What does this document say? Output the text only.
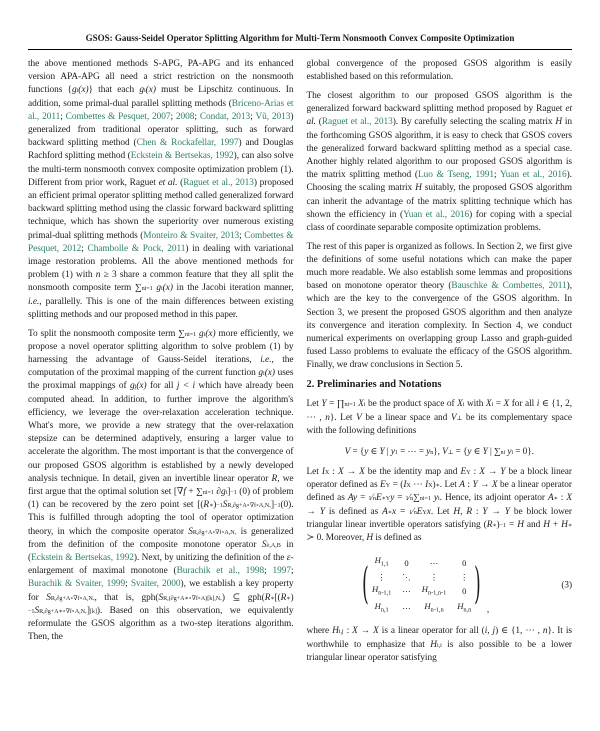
GSOS: Gauss-Seidel Operator Splitting Algorithm for Multi-Term Nonsmooth Convex Composite Optimization

the above mentioned methods S-APG, PA-APG and its enhanced version APA-APG all need a strict restriction on the nonsmooth functions {gi(x)} that each gi(x) must be Lipschitz continuous. In addition, some primal-dual parallel splitting methods (Briceno-Arias et al., 2011; Combettes & Pesquet, 2007; 2008; Condat, 2013; Vũ, 2013) generalized from traditional operator splitting, such as forward backward splitting method (Chen & Rockafellar, 1997) and Douglas Rachford splitting method (Eckstein & Bertsekas, 1992), can also solve the multi-term nonsmooth convex composite optimization problem (1). Different from prior work, Raguet et al. (Raguet et al., 2013) proposed an efficient primal operator splitting method called generalized forward backward splitting method using the classic forward backward splitting technique, which has shown the superiority over numerous existing primal-dual splitting methods (Monteiro & Svaiter, 2013; Combettes & Pesquet, 2012; Chambolle & Pock, 2011) in dealing with variational image restoration problems. All the above mentioned methods for problem (1) with n ≥ 3 share a common feature that they all split the nonsmooth composite term ∑$^n$i=1 gi(x) in the Jacobi iteration manner, i.e., parallelly. This is one of the main differences between existing splitting methods and our proposed method in this paper.

To split the nonsmooth composite term ∑$^n$i=1 gi(x) more efficiently, we propose a novel operator splitting algorithm to solve problem (1) by harnessing the advantage of Gauss-Seidel iterations, i.e., the computation of the proximal mapping of the current function gi(x) uses the proximal mappings of gj(x) for all j < i which have already been computed ahead. In addition, to further improve the algorithm's efficiency, we leverage the over-relaxation acceleration technique. What's more, we provide a new strategy that the over-relaxation stepsize can be determined adaptively, ensuring a larger value to accelerate the algorithm. The most important is that the convergence of our proposed GSOS algorithm is established by a newly developed analysis technique. In detail, given an invertible linear operator R, we first argue that the optimal solution set [∇f + ∑$^n$i=1 ∂gi]$^{-1}$ (0) of problem (1) can be recovered by the zero point set $[(R^∗)^{-1}SR,\partial g+A\circ\nabla f\circ A,Nᵥ]^{-1}(0)$. This is fulfilled through adopting the tool of operator optimization theory, in which the composite operator SR,∂g+A∘∇f∘A,Nᵥ is generalized from the definition of the composite monotone operator Sλ,A,B in (Eckstein & Bertsekas, 1992). Next, by unitizing the definition of the ε-enlargement of maximal monotone (Burachik et al., 1998; 1997; Burachik & Svaiter, 1999; Svaiter, 2000), we establish a key property for SR,∂g+A∘∇f∘A,Nᵥ, that is, gph(SR,(∂g+A∗∘∇f∘A)[k],Nᵥ) ⊆ $gph(R^∗[(R^∗)^{-1}SR,\partial g+A∗\circ\nabla f\circ A,Nᵥ][k])$. Based on this observation, we equivalently reformulate the GSOS algorithm as a two-step iterations algorithm. Then, the

global convergence of the proposed GSOS algorithm is easily established based on this reformulation.

The closest algorithm to our proposed GSOS algorithm is the generalized forward backward splitting method proposed by Raguet et al. (Raguet et al., 2013). By carefully selecting the scaling matrix H in the forthcoming GSOS algorithm, it is easy to check that GSOS covers the generalized forward backward splitting method as a special case. Another highly related algorithm to our proposed GSOS algorithm is the matrix splitting method (Luo & Tseng, 1991; Yuan et al., 2016). Choosing the scaling matrix H suitably, the proposed GSOS algorithm can inherit the advantage of the matrix splitting technique which has shown the efficiency in (Yuan et al., 2016) for coping with a special class of coordinate separable composite optimization problems.

The rest of this paper is organized as follows. In Section 2, we first give the definitions of some useful notations which can make the paper much more readable. We also establish some lemmas and propositions based on monotone operator theory (Bauschke & Combettes, 2011), which are the key to the convergence of the GSOS algorithm. In Section 3, we present the proposed GSOS algorithm and then analyze its convergence and iteration complexity. In Section 4, we conduct numerical experiments on overlapping group Lasso and graph-guided fused Lasso problems to evaluate the efficacy of the GSOS algorithm. Finally, we draw conclusions in Section 5.

2. Preliminaries and Notations

Let Y = ∏$^n$i=1 Xi be the product space of Xi with Xi = X for all i ∈ {1, 2, ⋯ , n}. Let V be a linear space and V⊥ be its complementary space with the following definitions

V = {y ∈ Y | y1 = ⋯ = yn}, V⊥ = {y ∈ Y | ∑$^n$i yi = 0}.

Let IX : X → X be the identity map and EY : X → Y be a block linear operator defined as EY = (IX ⋯ IX)∗. Let A : Y → X be a linear operator defined as Ay = $^1$⁄nE∗Yy = $^1$⁄n∑$^n$i=1 yi. Hence, its adjoint operator A∗ : X → Y is defined as A∗x = $^1$⁄nEYx. Let H, R : Y → Y be block lower triangular linear invertible operators satisfying $(R^∗)^{-1} = H$ and H + H∗ ≻ 0. Moreover, H is defined as

( $H_{1,1}$ 0 ⋯	0
⋮ ⋱ ⋮	⋮
$H_{n-1,1}$ ⋯ $H_{n-1,n-1}$ 0
$H_{n,1}$ ⋯ $H_{n-1,n}$ $H_{n,n}$
)
,
(3)

where Hi,j : X → X is a linear operator for all (i, j) ∈ {1, ⋯ , n}. It is worthwhile to emphasize that Hi,i is also possible to be a lower triangular linear operator satisfying
